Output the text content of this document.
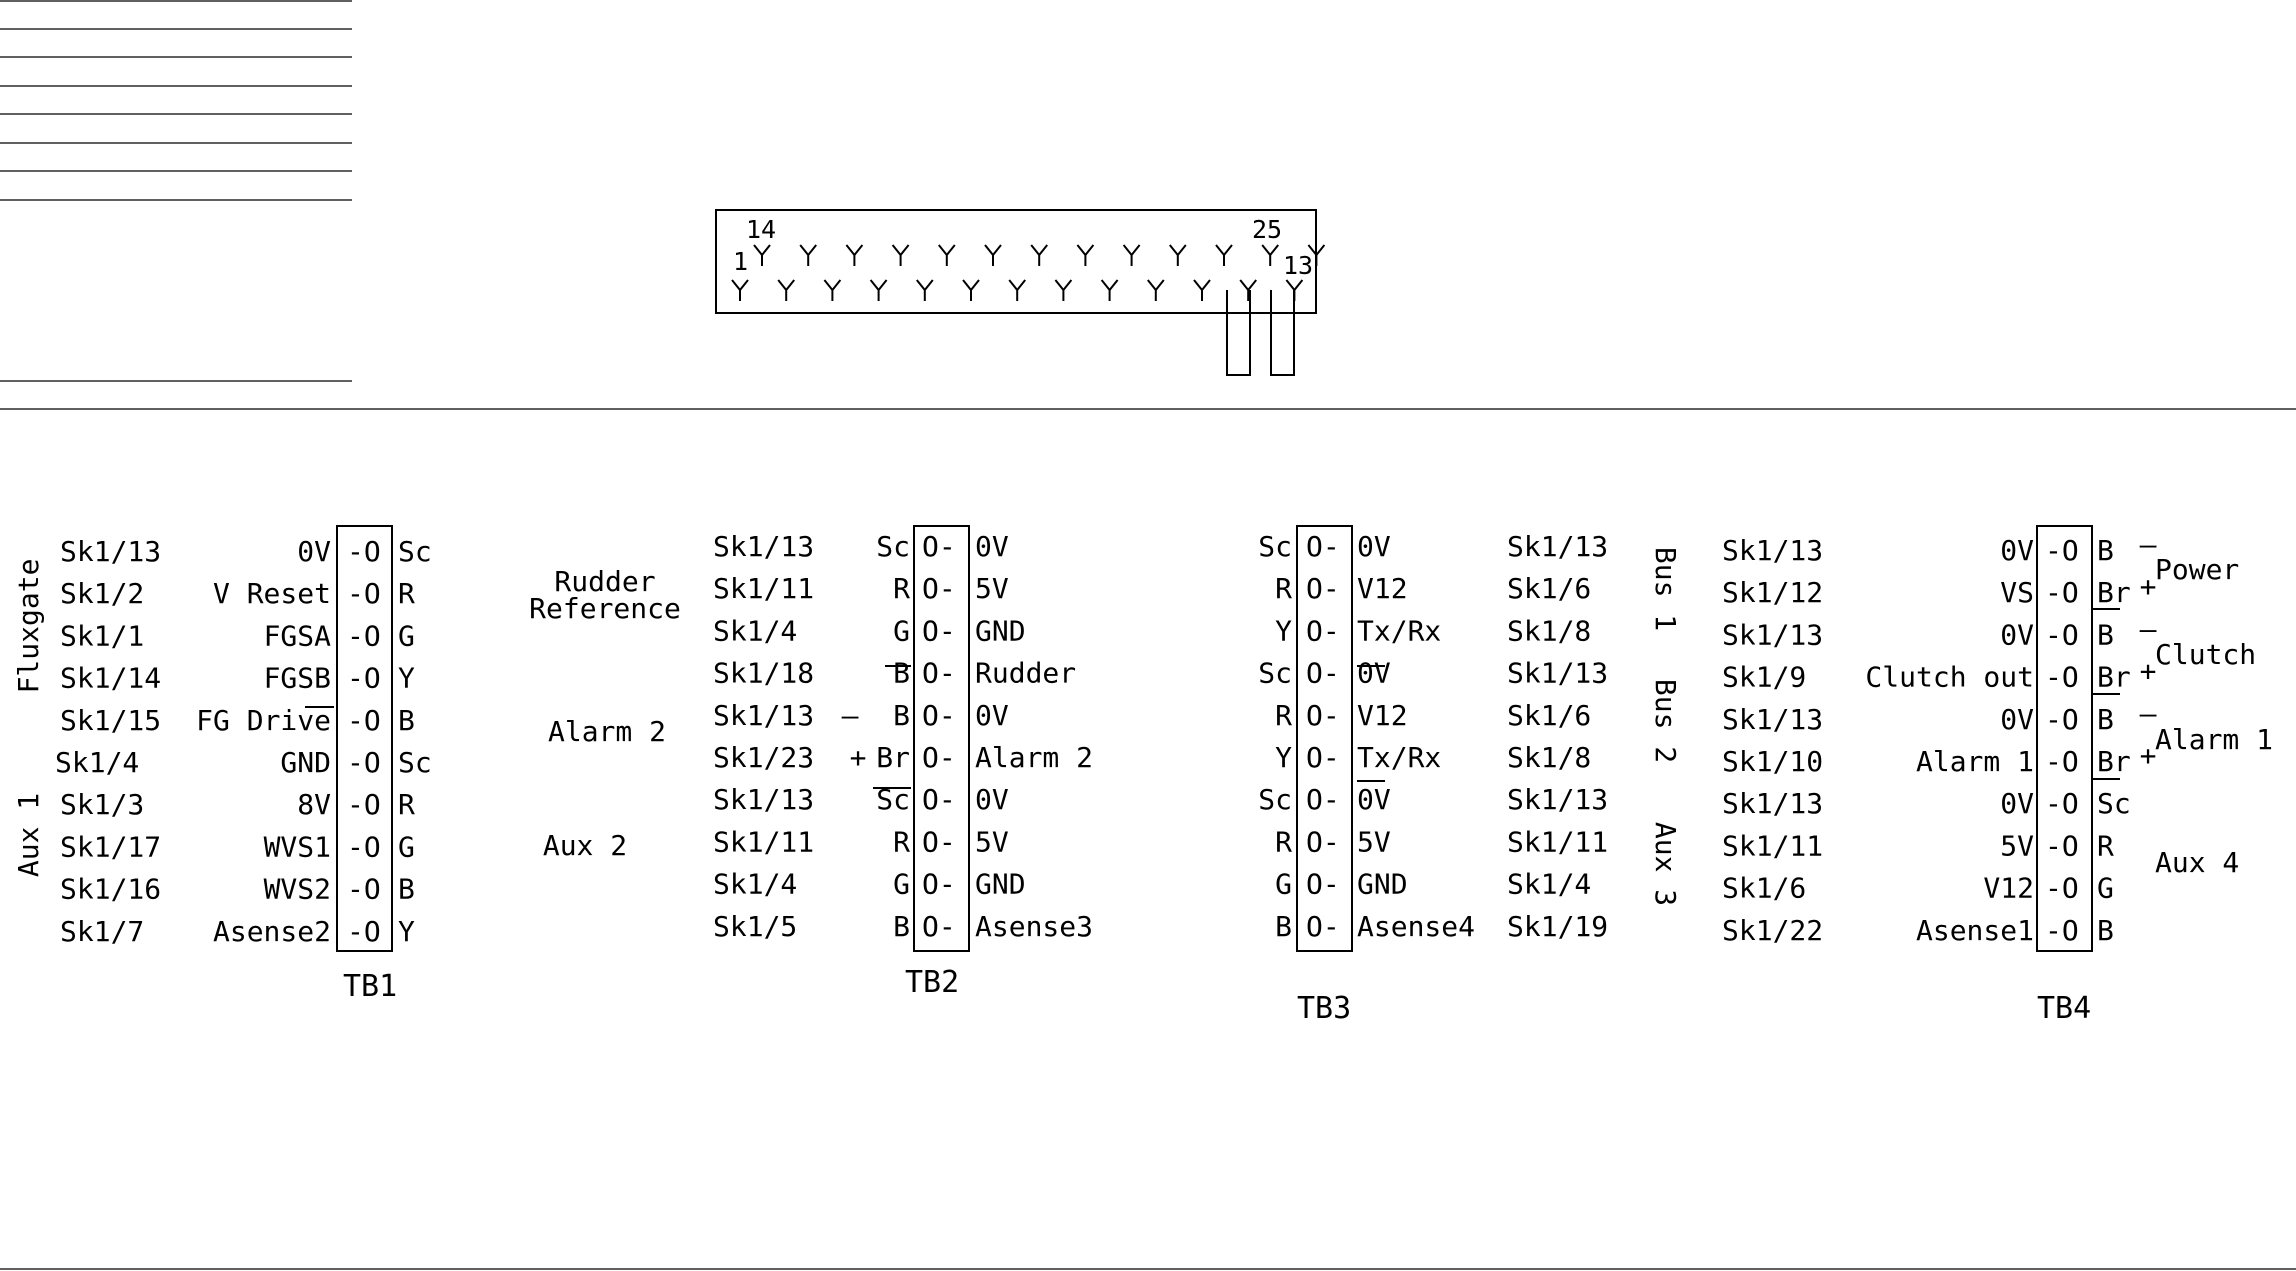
14
1
25
13
Sk1/13	0V -O Sc
Sk1/2 V Reset -O R
Sk1/1	FGSA -O G
Sk1/14	FGSB -O Y
Sk1/15 FG Drive -O B
Sk1/4	GND -O Sc
Sk1/3	8V -O R
Sk1/17	WVS1 -O G
Sk1/16	WVS2 -O B
Sk1/7 Asense2 -O Y
TB1
Fluxgate
Aux 1
Sk1/13 Sc O- 0V
Sk1/11	R O- 5V
Sk1/4	G O- GND
Sk1/18	B O- Rudder
Sk1/13 — B O- 0V
Sk1/23 + Br O- Alarm 2
Sk1/13 Sc O- 0V
Sk1/11	R O- 5V
Sk1/4	G O- GND
Sk1/5	B O- Asense3
TB2
Rudder
Reference
Alarm 2
Aux 2
Sc O- 0V	Sk1/13
R O- V12	Sk1/6
Y O- Tx/Rx Sk1/8
Sc O- 0V	Sk1/13
R O- V12	Sk1/6
Y O- Tx/Rx Sk1/8
Sc O- 0V	Sk1/13
R O- 5V	Sk1/11
G O- GND	Sk1/4
B O- Asense4 Sk1/19
TB3
Bus 1
Bus 2
Aux 3
Sk1/13	0V -O B —
Sk1/12	VS -O Br +
Sk1/13	0V -O B —
Sk1/9 Clutch out -O Br +
Sk1/13	0V -O B —
Sk1/10	Alarm 1 -O Br +
Sk1/13	0V -O Sc
Sk1/11	5V -O R
Sk1/6	V12 -O G
Sk1/22	Asense1 -O B
TB4
Power
Clutch
Alarm 1
Aux 4
